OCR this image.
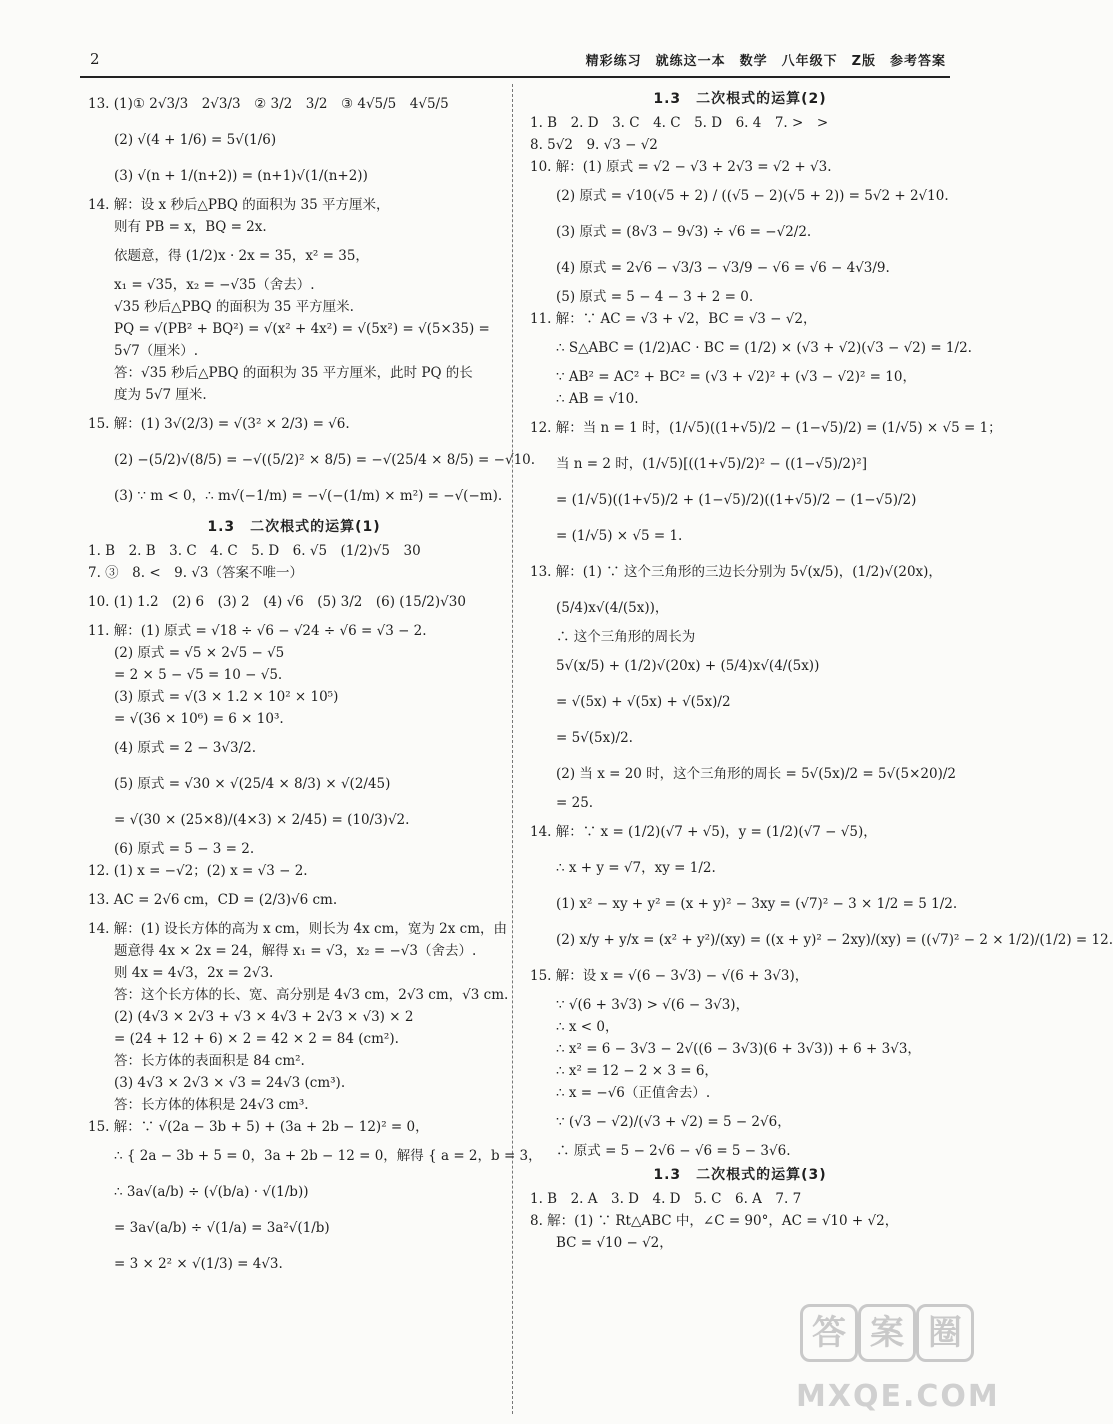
2	精彩练习　就练这一本　数学　八年级下　Z版　参考答案
13. (1)① 2√3/3　2√3/3　② 3/2　3/2　③ 4√5/5　4√5/5
(2) √(4 + 1/6) = 5√(1/6)
(3) √(n + 1/(n+2)) = (n+1)√(1/(n+2))
14. 解：设 x 秒后△PBQ 的面积为 35 平方厘米，
则有 PB = x，BQ = 2x.
依题意，得 (1/2)x · 2x = 35，x² = 35，
x₁ = √35，x₂ = −√35（舍去）.
√35 秒后△PBQ 的面积为 35 平方厘米.
PQ = √(PB² + BQ²) = √(x² + 4x²) = √(5x²) = √(5×35) =
5√7（厘米）.
答：√35 秒后△PBQ 的面积为 35 平方厘米，此时 PQ 的长
度为 5√7 厘米.
15. 解：(1) 3√(2/3) = √(3² × 2/3) = √6.
(2) −(5/2)√(8/5) = −√((5/2)² × 8/5) = −√(25/4 × 8/5) = −√10.
(3) ∵ m < 0，∴ m√(−1/m) = −√(−(1/m) × m²) = −√(−m).
1.3　二次根式的运算(1)
1. B　2. B　3. C　4. C　5. D　6. √5　(1/2)√5　30
7. ③　8. <　9. √3（答案不唯一）
10. (1) 1.2　(2) 6　(3) 2　(4) √6　(5) 3/2　(6) (15/2)√30
11. 解：(1) 原式 = √18 ÷ √6 − √24 ÷ √6 = √3 − 2.
(2) 原式 = √5 × 2√5 − √5
= 2 × 5 − √5 = 10 − √5.
(3) 原式 = √(3 × 1.2 × 10² × 10⁵)
= √(36 × 10⁶) = 6 × 10³.
(4) 原式 = 2 − 3√3/2.
(5) 原式 = √30 × √(25/4 × 8/3) × √(2/45)
= √(30 × (25×8)/(4×3) × 2/45) = (10/3)√2.
(6) 原式 = 5 − 3 = 2.
12. (1) x = −√2；(2) x = √3 − 2.
13. AC = 2√6 cm，CD = (2/3)√6 cm.
14. 解：(1) 设长方体的高为 x cm，则长为 4x cm，宽为 2x cm，由
题意得 4x × 2x = 24，解得 x₁ = √3，x₂ = −√3（舍去）.
则 4x = 4√3，2x = 2√3.
答：这个长方体的长、宽、高分别是 4√3 cm，2√3 cm，√3 cm.
(2) (4√3 × 2√3 + √3 × 4√3 + 2√3 × √3) × 2
= (24 + 12 + 6) × 2 = 42 × 2 = 84 (cm²).
答：长方体的表面积是 84 cm².
(3) 4√3 × 2√3 × √3 = 24√3 (cm³).
答：长方体的体积是 24√3 cm³.
15. 解：∵ √(2a − 3b + 5) + (3a + 2b − 12)² = 0，
∴ { 2a − 3b + 5 = 0，3a + 2b − 12 = 0，解得 { a = 2，b = 3，
∴ 3a√(a/b) ÷ (√(b/a) · √(1/b))
= 3a√(a/b) ÷ √(1/a) = 3a²√(1/b)
= 3 × 2² × √(1/3) = 4√3.
1.3　二次根式的运算(2)
1. B　2. D　3. C　4. C　5. D　6. 4　7. >　>
8. 5√2　9. √3 − √2
10. 解：(1) 原式 = √2 − √3 + 2√3 = √2 + √3.
(2) 原式 = √10(√5 + 2) / ((√5 − 2)(√5 + 2)) = 5√2 + 2√10.
(3) 原式 = (8√3 − 9√3) ÷ √6 = −√2/2.
(4) 原式 = 2√6 − √3/3 − √3/9 − √6 = √6 − 4√3/9.
(5) 原式 = 5 − 4 − 3 + 2 = 0.
11. 解：∵ AC = √3 + √2，BC = √3 − √2，
∴ S△ABC = (1/2)AC · BC = (1/2) × (√3 + √2)(√3 − √2) = 1/2.
∵ AB² = AC² + BC² = (√3 + √2)² + (√3 − √2)² = 10，
∴ AB = √10.
12. 解：当 n = 1 时，(1/√5)((1+√5)/2 − (1−√5)/2) = (1/√5) × √5 = 1；
当 n = 2 时，(1/√5)[((1+√5)/2)² − ((1−√5)/2)²]
= (1/√5)((1+√5)/2 + (1−√5)/2)((1+√5)/2 − (1−√5)/2)
= (1/√5) × √5 = 1.
13. 解：(1) ∵ 这个三角形的三边长分别为 5√(x/5)，(1/2)√(20x)，
(5/4)x√(4/(5x))，
∴ 这个三角形的周长为
5√(x/5) + (1/2)√(20x) + (5/4)x√(4/(5x))
= √(5x) + √(5x) + √(5x)/2
= 5√(5x)/2.
(2) 当 x = 20 时，这个三角形的周长 = 5√(5x)/2 = 5√(5×20)/2
= 25.
14. 解：∵ x = (1/2)(√7 + √5)，y = (1/2)(√7 − √5)，
∴ x + y = √7，xy = 1/2.
(1) x² − xy + y² = (x + y)² − 3xy = (√7)² − 3 × 1/2 = 5 1/2.
(2) x/y + y/x = (x² + y²)/(xy) = ((x + y)² − 2xy)/(xy) = ((√7)² − 2 × 1/2)/(1/2) = 12.
15. 解：设 x = √(6 − 3√3) − √(6 + 3√3)，
∵ √(6 + 3√3) > √(6 − 3√3)，
∴ x < 0，
∴ x² = 6 − 3√3 − 2√((6 − 3√3)(6 + 3√3)) + 6 + 3√3，
∴ x² = 12 − 2 × 3 = 6，
∴ x = −√6（正值舍去）.
∵ (√3 − √2)/(√3 + √2) = 5 − 2√6，
∴ 原式 = 5 − 2√6 − √6 = 5 − 3√6.
1.3　二次根式的运算(3)
1. B　2. A　3. D　4. D　5. C　6. A　7. 7
8. 解：(1) ∵ Rt△ABC 中，∠C = 90°，AC = √10 + √2，
BC = √10 − √2，
答 案 圈
MXQE.COM
